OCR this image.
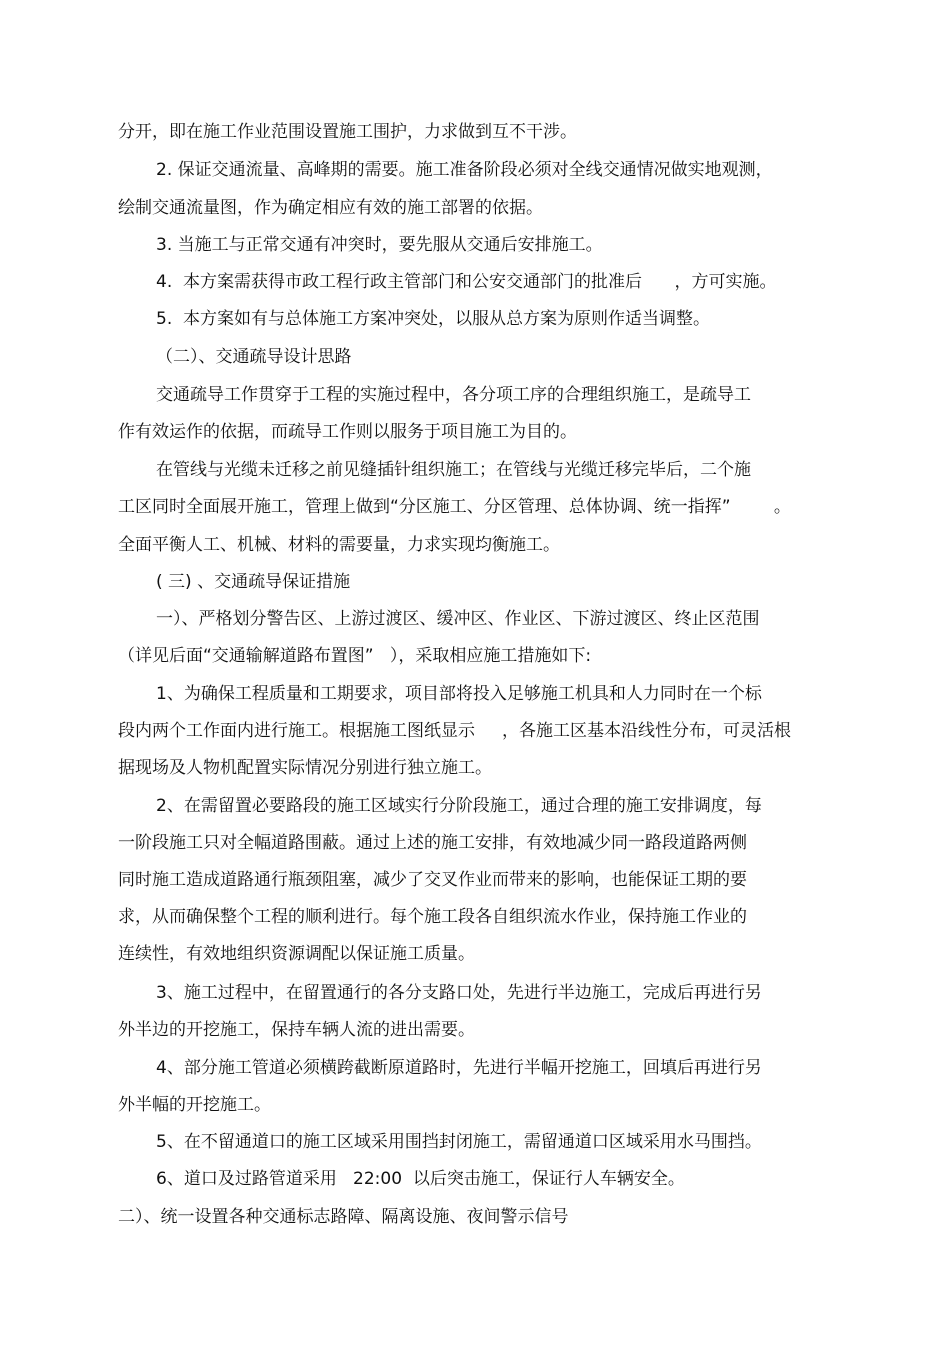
分开，即在施工作业范围设置施工围护，力求做到互不干涉。
2. 保证交通流量、高峰期的需要。施工准备阶段必须对全线交通情况做实地观测，
绘制交通流量图，作为确定相应有效的施工部署的依据。
3. 当施工与正常交通有冲突时，要先服从交通后安排施工。
4.  本方案需获得市政工程行政主管部门和公安交通部门的批准后      ，方可实施。
5.  本方案如有与总体施工方案冲突处，以服从总方案为原则作适当调整。
（二）、交通疏导设计思路
交通疏导工作贯穿于工程的实施过程中，各分项工序的合理组织施工，是疏导工
作有效运作的依据，而疏导工作则以服务于项目施工为目的。
在管线与光缆未迁移之前见缝插针组织施工；在管线与光缆迁移完毕后，二个施
工区同时全面展开施工，管理上做到“分区施工、分区管理、总体协调、统一指挥”        。
全面平衡人工、机械、材料的需要量，力求实现均衡施工。
( 三) 、交通疏导保证措施
一）、严格划分警告区、上游过渡区、缓冲区、作业区、下游过渡区、终止区范围
（详见后面“交通输解道路布置图”   ），采取相应施工措施如下:
1、为确保工程质量和工期要求，项目部将投入足够施工机具和人力同时在一个标
段内两个工作面内进行施工。根据施工图纸显示     ，各施工区基本沿线性分布，可灵活根
据现场及人物机配置实际情况分别进行独立施工。
2、在需留置必要路段的施工区域实行分阶段施工，通过合理的施工安排调度，每
一阶段施工只对全幅道路围蔽。通过上述的施工安排，有效地减少同一路段道路两侧
同时施工造成道路通行瓶颈阻塞，减少了交叉作业而带来的影响，也能保证工期的要
求，从而确保整个工程的顺利进行。每个施工段各自组织流水作业，保持施工作业的
连续性，有效地组织资源调配以保证施工质量。
3、施工过程中，在留置通行的各分支路口处，先进行半边施工，完成后再进行另
外半边的开挖施工，保持车辆人流的进出需要。
4、部分施工管道必须横跨截断原道路时，先进行半幅开挖施工，回填后再进行另
外半幅的开挖施工。
5、在不留通道口的施工区域采用围挡封闭施工，需留通道口区域采用水马围挡。
6、道口及过路管道采用   22:00  以后突击施工，保证行人车辆安全。
二）、统一设置各种交通标志路障、隔离设施、夜间警示信号
